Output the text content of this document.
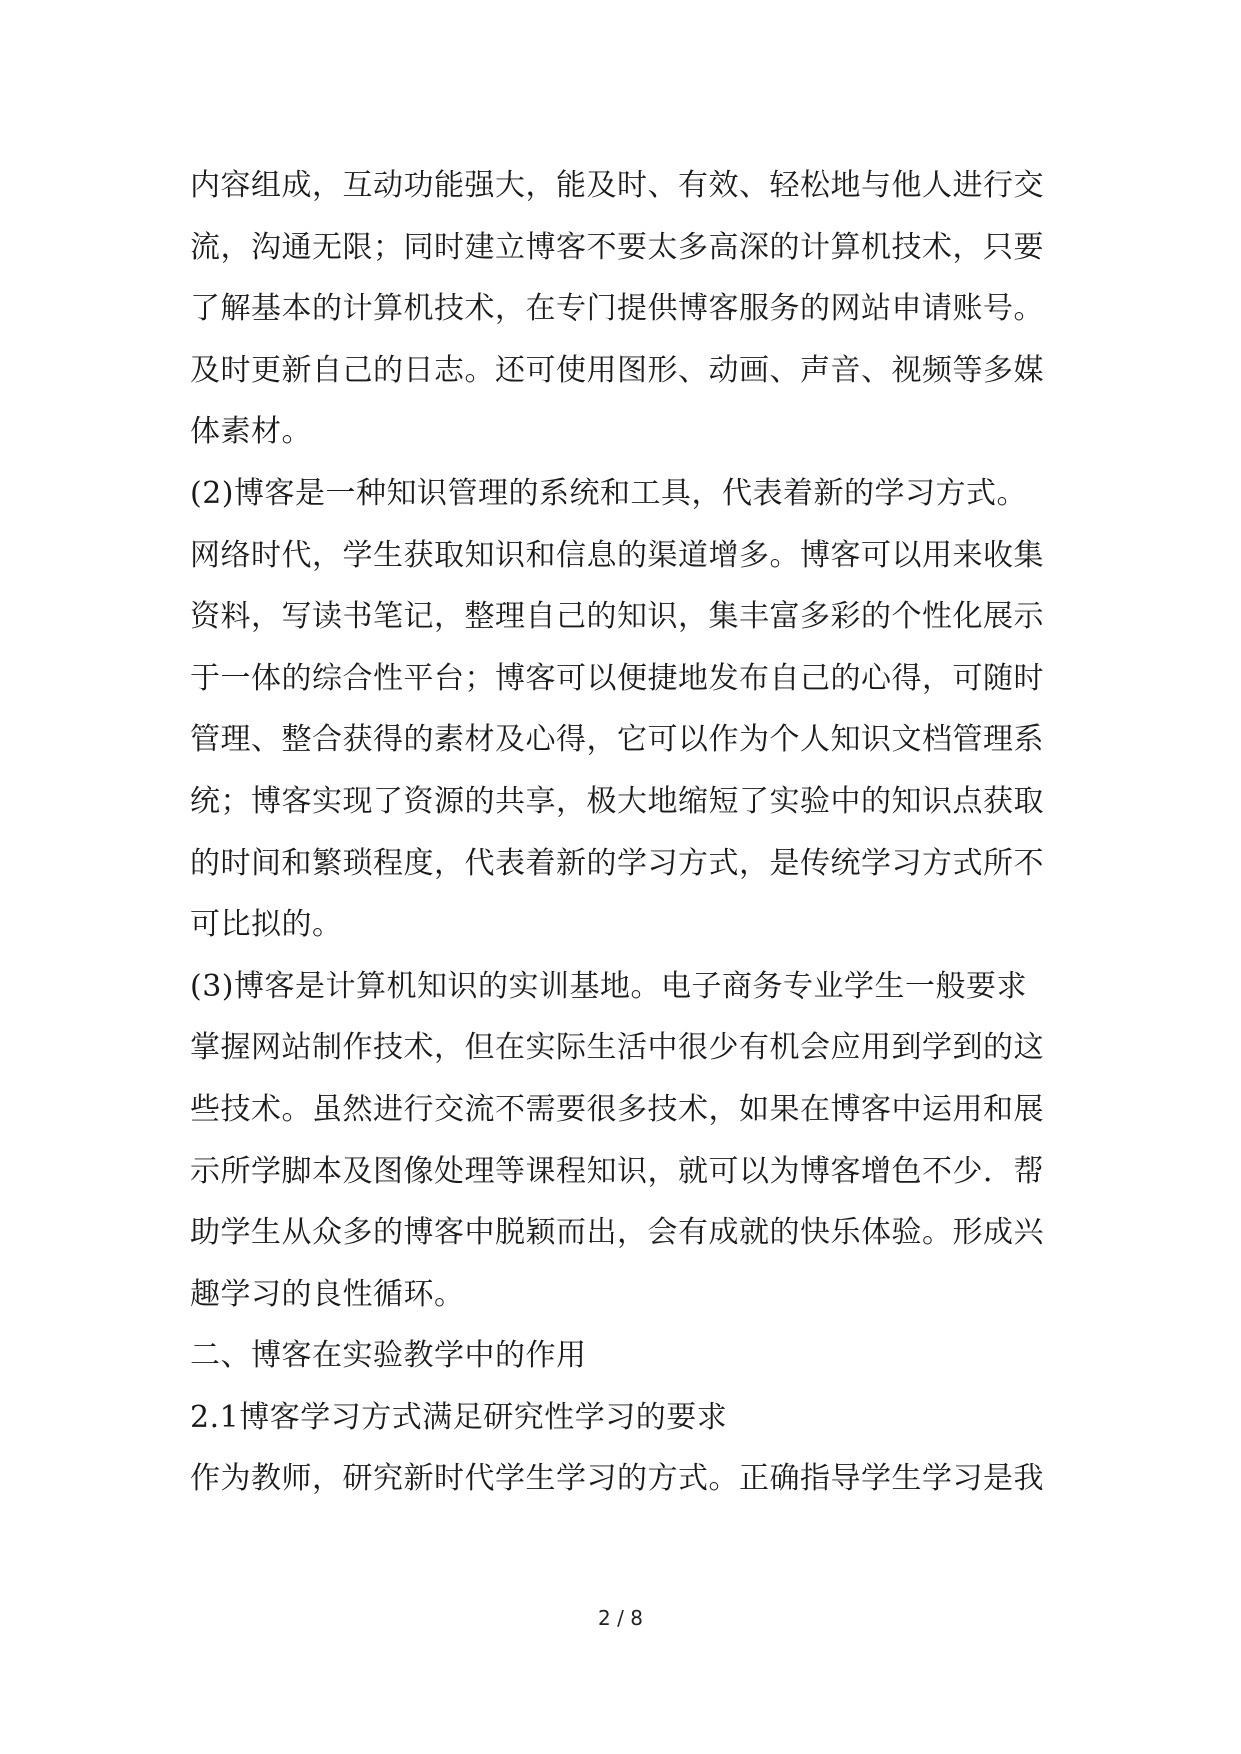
内容组成，互动功能强大，能及时、有效、轻松地与他人进行交
流，沟通无限；同时建立博客不要太多高深的计算机技术，只要
了解基本的计算机技术，在专门提供博客服务的网站申请账号。
及时更新自己的日志。还可使用图形、动画、声音、视频等多媒
体素材。
(2)博客是一种知识管理的系统和工具，代表着新的学习方式。
网络时代，学生获取知识和信息的渠道增多。博客可以用来收集
资料，写读书笔记，整理自己的知识，集丰富多彩的个性化展示
于一体的综合性平台；博客可以便捷地发布自己的心得，可随时
管理、整合获得的素材及心得，它可以作为个人知识文档管理系
统；博客实现了资源的共享，极大地缩短了实验中的知识点获取
的时间和繁琐程度，代表着新的学习方式，是传统学习方式所不
可比拟的。
(3)博客是计算机知识的实训基地。电子商务专业学生一般要求
掌握网站制作技术，但在实际生活中很少有机会应用到学到的这
些技术。虽然进行交流不需要很多技术，如果在博客中运用和展
示所学脚本及图像处理等课程知识，就可以为博客增色不少．帮
助学生从众多的博客中脱颖而出，会有成就的快乐体验。形成兴
趣学习的良性循环。
二、博客在实验教学中的作用
2.1博客学习方式满足研究性学习的要求
作为教师，研究新时代学生学习的方式。正确指导学生学习是我
2 / 8
